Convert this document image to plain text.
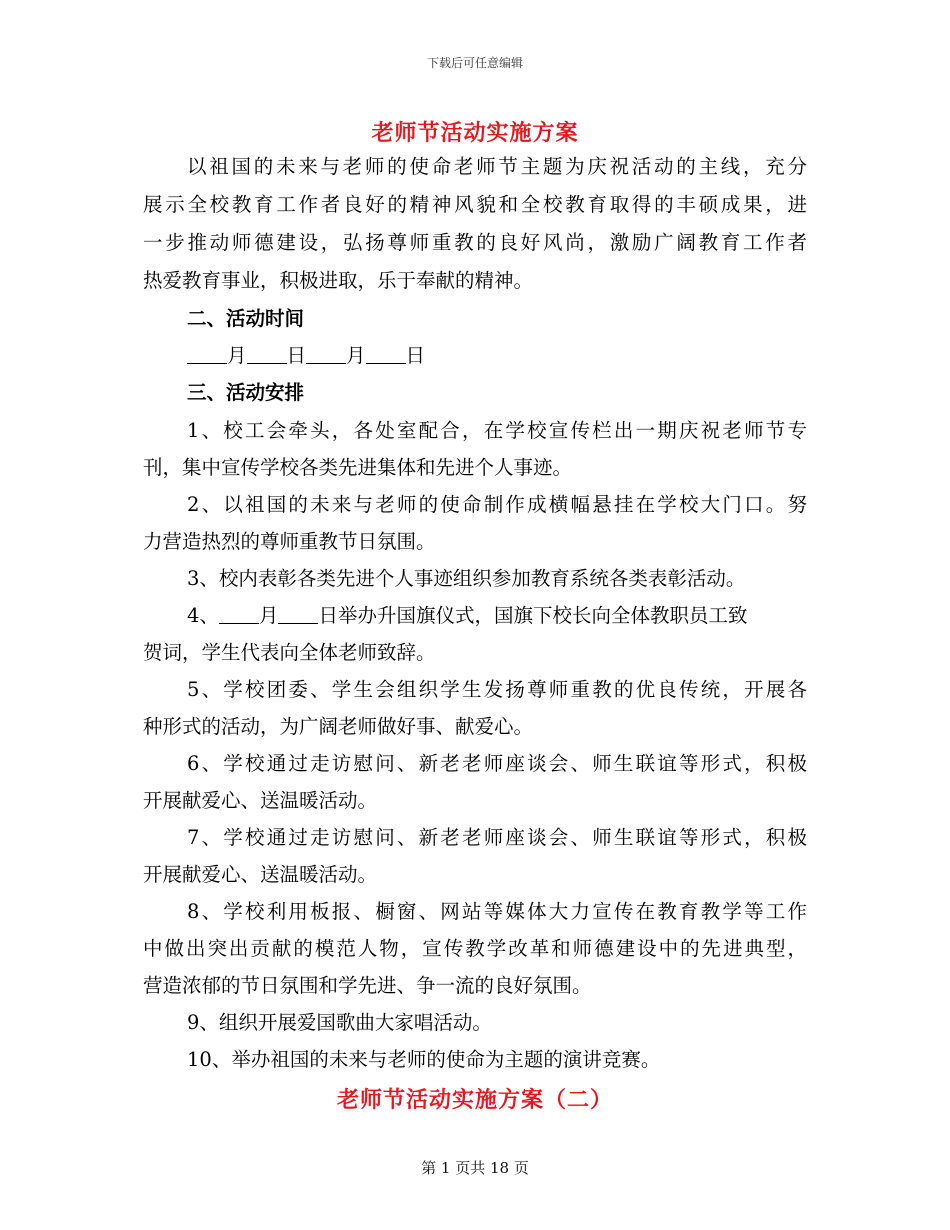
下载后可任意编辑
老师节活动实施方案
以祖国的未来与老师的使命老师节主题为庆祝活动的主线，充分
展示全校教育工作者良好的精神风貌和全校教育取得的丰硕成果，进
一步推动师德建设，弘扬尊师重教的良好风尚，激励广阔教育工作者
热爱教育事业，积极进取，乐于奉献的精神。
二、活动时间
月 日 月 日
三、活动安排
1、校工会牵头，各处室配合，在学校宣传栏出一期庆祝老师节专
刊，集中宣传学校各类先进集体和先进个人事迹。
2、以祖国的未来与老师的使命制作成横幅悬挂在学校大门口。努
力营造热烈的尊师重教节日氛围。
3、校内表彰各类先进个人事迹组织参加教育系统各类表彰活动。
4、 月 日举办升国旗仪式，国旗下校长向全体教职员工致
贺词，学生代表向全体老师致辞。
5、学校团委、学生会组织学生发扬尊师重教的优良传统，开展各
种形式的活动，为广阔老师做好事、献爱心。
6、学校通过走访慰问、新老老师座谈会、师生联谊等形式，积极
开展献爱心、送温暖活动。
7、学校通过走访慰问、新老老师座谈会、师生联谊等形式，积极
开展献爱心、送温暖活动。
8、学校利用板报、橱窗、网站等媒体大力宣传在教育教学等工作
中做出突出贡献的模范人物，宣传教学改革和师德建设中的先进典型，
营造浓郁的节日氛围和学先进、争一流的良好氛围。
9、组织开展爱国歌曲大家唱活动。
10、举办祖国的未来与老师的使命为主题的演讲竞赛。
老师节活动实施方案（二）
第 1 页共 18 页
